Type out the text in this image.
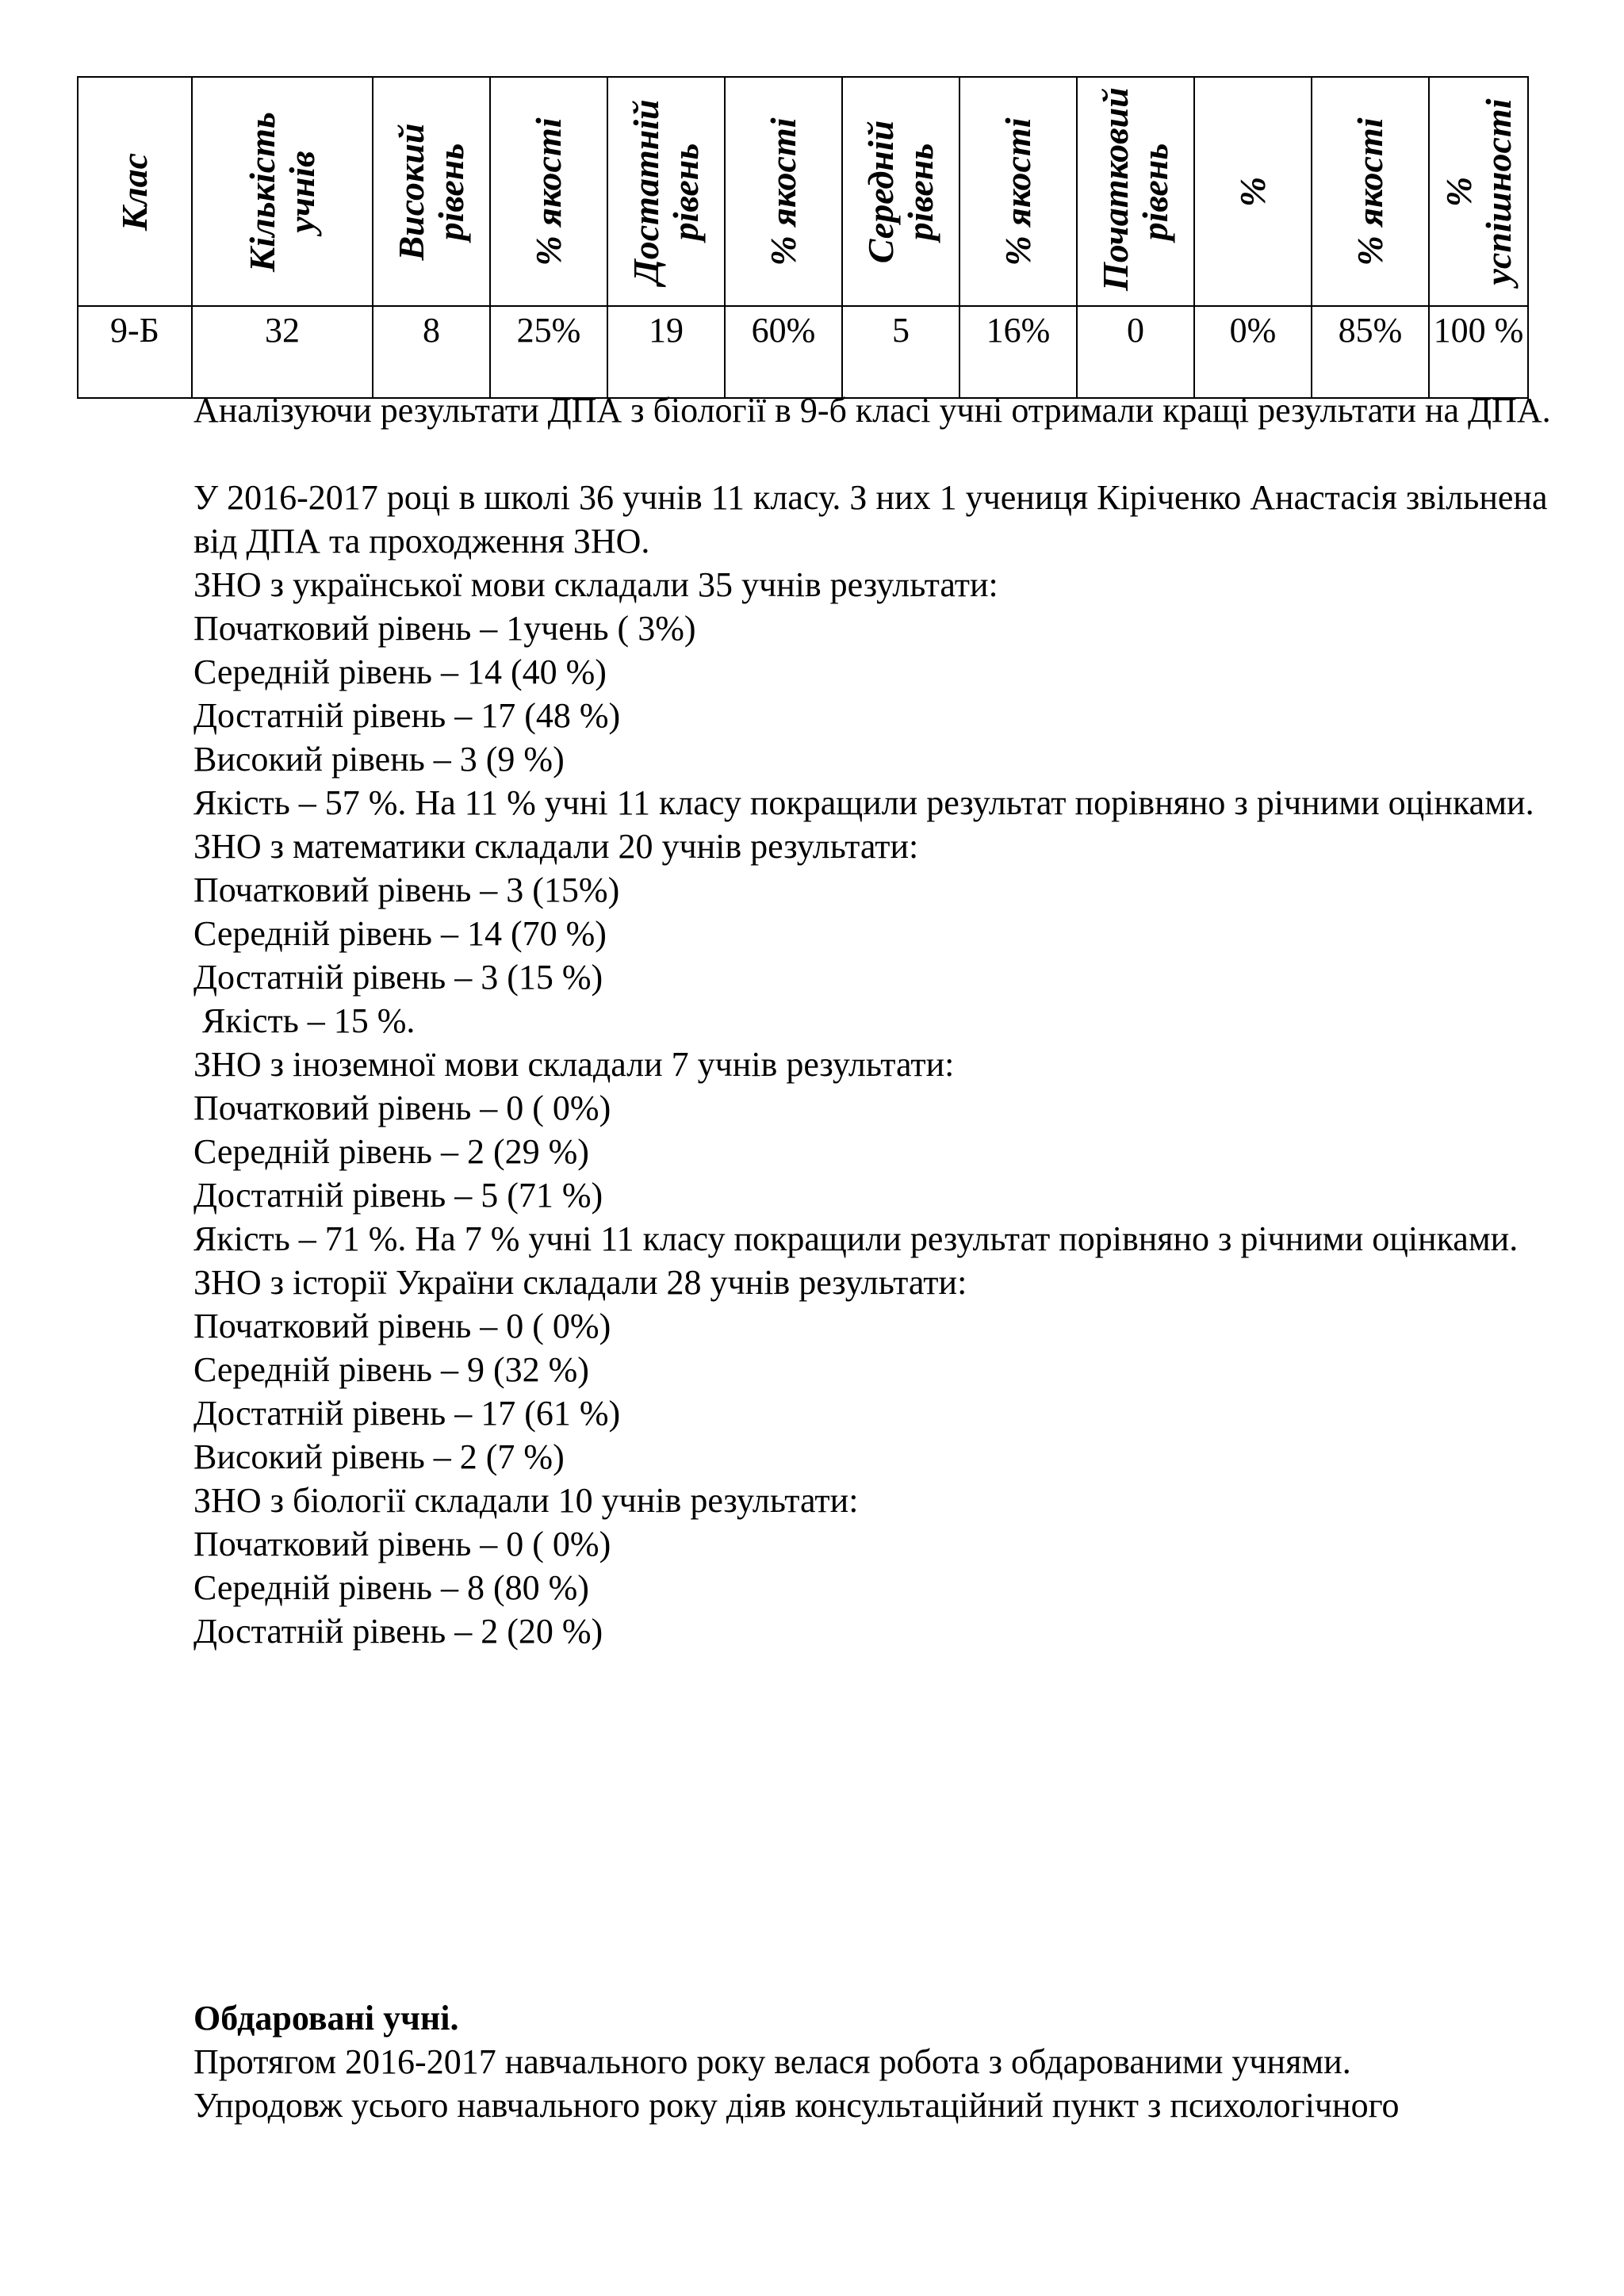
Клас	Кількість учнів	Високий рівень	% якості	Достатній рівень	% якості	Середній рівень	% якості	Початковий рівень	%	% якості	% успішності

9-Б	32	8	25%	19	60%	5	16%	0	0%	85%	100 %

Аналізуючи результати ДПА з біології в 9-б класі учні отримали кращі результати на ДПА.

У 2016-2017 році в школі 36 учнів 11 класу. З них 1 учениця Кіріченко Анастасія звільнена від ДПА та проходження ЗНО.

ЗНО з української мови складали 35 учнів результати:

Початковий рівень – 1учень ( 3%)

Середній рівень – 14 (40 %)

Достатній рівень – 17 (48 %)

Високий рівень – 3 (9 %)

Якість – 57 %. На 11 % учні 11 класу покращили результат порівняно з річними оцінками.

ЗНО з математики складали 20 учнів результати:

Початковий рівень – 3 (15%)

Середній рівень – 14 (70 %)

Достатній рівень – 3 (15 %)

Якість – 15 %.

ЗНО з іноземної мови складали 7 учнів результати:

Початковий рівень – 0 ( 0%)

Середній рівень – 2 (29 %)

Достатній рівень – 5 (71 %)

Якість – 71 %. На 7 % учні 11 класу покращили результат порівняно з річними оцінками.

ЗНО з історії України складали 28 учнів результати:

Початковий рівень – 0 ( 0%)

Середній рівень – 9 (32 %)

Достатній рівень – 17 (61 %)

Високий рівень – 2 (7 %)

ЗНО з біології складали 10 учнів результати:

Початковий рівень – 0 ( 0%)

Середній рівень – 8 (80 %)

Достатній рівень – 2 (20 %)

Обдаровані учні.

Протягом 2016-2017 навчального року велася робота з обдарованими учнями.

Упродовж усього навчального року діяв консультаційний пункт з психологічного
